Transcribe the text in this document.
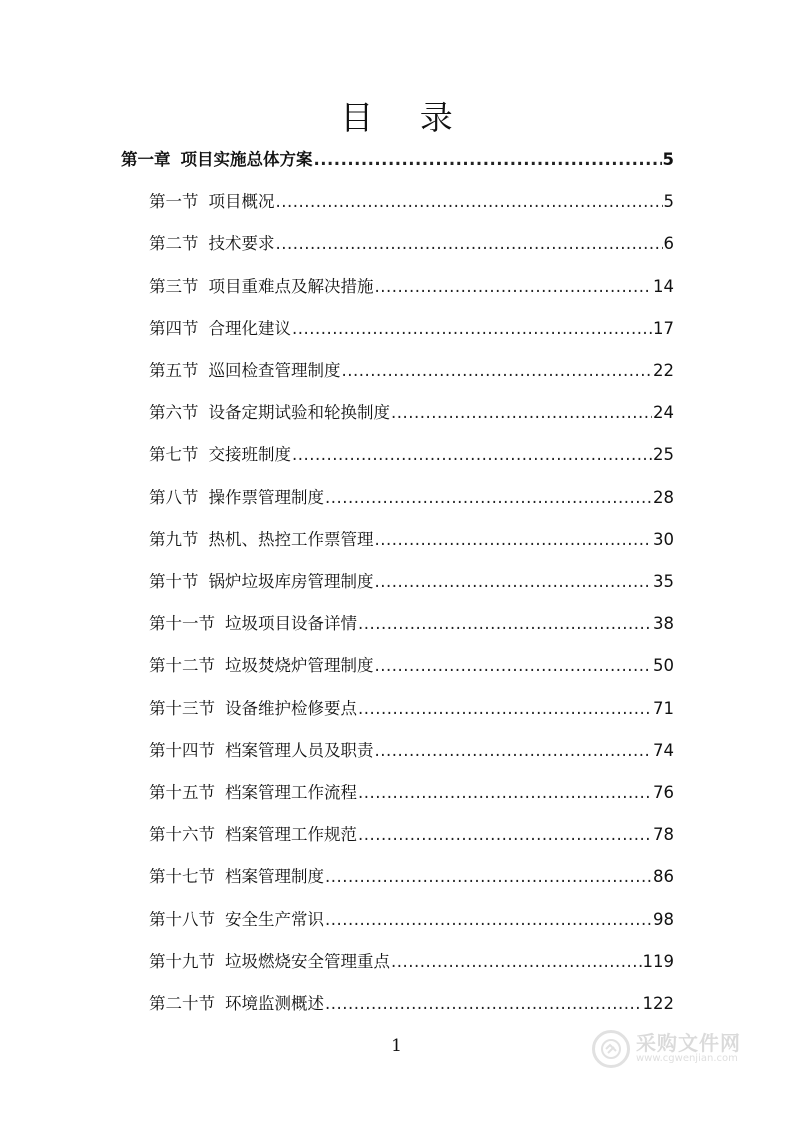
目 录
第一章 项目实施总体方案 .....	5
第一节 项目概况 .....	5
第二节 技术要求 .....	6
第三节 项目重难点及解决措施 .....	14
第四节 合理化建议 .....	17
第五节 巡回检查管理制度 .....	22
第六节 设备定期试验和轮换制度 .....	24
第七节 交接班制度 .....	25
第八节 操作票管理制度 .....	28
第九节 热机、热控工作票管理 .....	30
第十节 锅炉垃圾库房管理制度 .....	35
第十一节 垃圾项目设备详情 .....	38
第十二节 垃圾焚烧炉管理制度 .....	50
第十三节 设备维护检修要点 .....	71
第十四节 档案管理人员及职责 .....	74
第十五节 档案管理工作流程 .....	76
第十六节 档案管理工作规范 .....	78
第十七节 档案管理制度 .....	86
第十八节 安全生产常识 .....	98
第十九节 垃圾燃烧安全管理重点 .....	119
第二十节 环境监测概述 .....	122
1	采购文件网
www.cgwenjian.com
